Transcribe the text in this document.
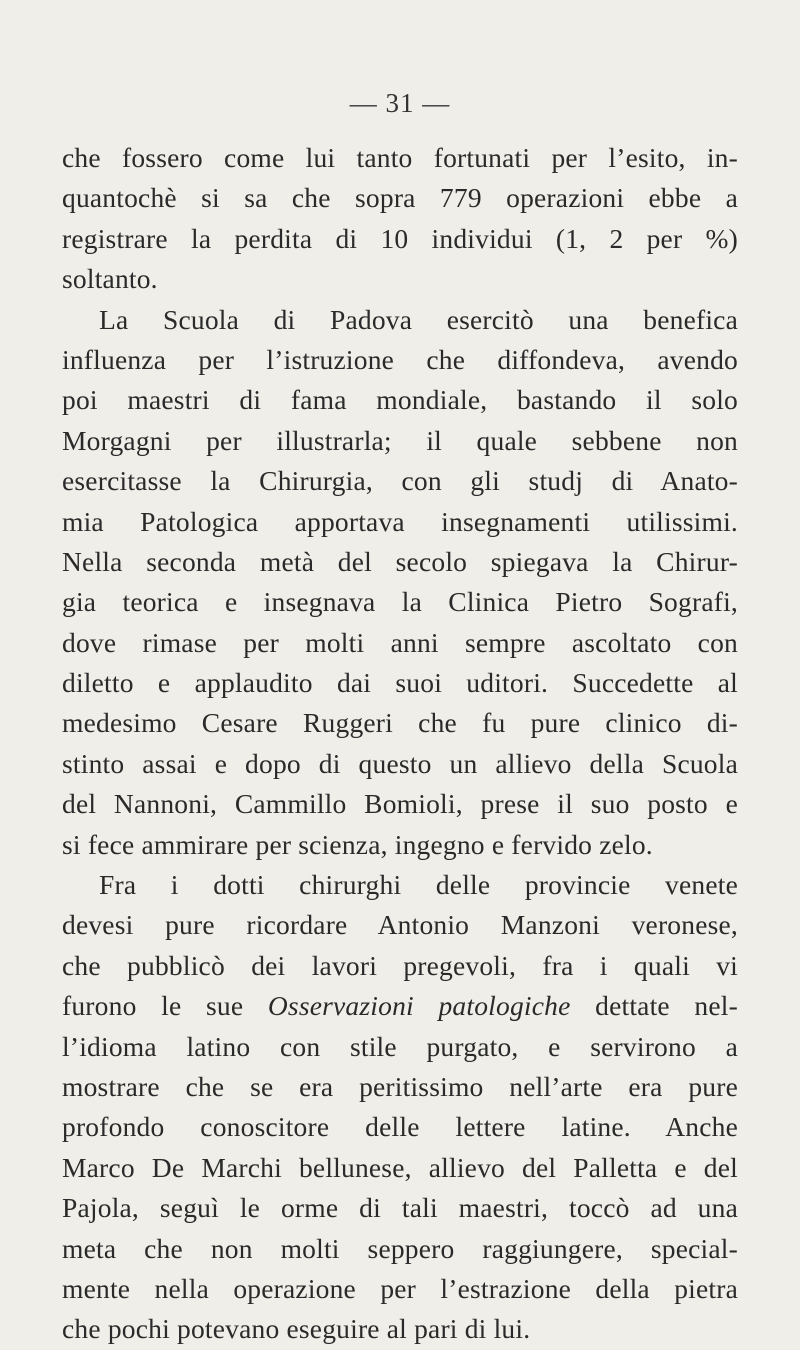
— 31 —
che fossero come lui tanto fortunati per l’esito, in-
quantochè si sa che sopra 779 operazioni ebbe a
registrare la perdita di 10 individui (1, 2 per %)
soltanto.
La Scuola di Padova esercitò una benefica
influenza per l’istruzione che diffondeva, avendo
poi maestri di fama mondiale, bastando il solo
Morgagni per illustrarla; il quale sebbene non
esercitasse la Chirurgia, con gli studj di Anato-
mia Patologica apportava insegnamenti utilissimi.
Nella seconda metà del secolo spiegava la Chirur-
gia teorica e insegnava la Clinica Pietro Sografi,
dove rimase per molti anni sempre ascoltato con
diletto e applaudito dai suoi uditori. Succedette al
medesimo Cesare Ruggeri che fu pure clinico di-
stinto assai e dopo di questo un allievo della Scuola
del Nannoni, Cammillo Bomioli, prese il suo posto e
si fece ammirare per scienza, ingegno e fervido zelo.
Fra i dotti chirurghi delle provincie venete
devesi pure ricordare Antonio Manzoni veronese,
che pubblicò dei lavori pregevoli, fra i quali vi
furono le sue Osservazioni patologiche dettate nel-
l’idioma latino con stile purgato, e servirono a
mostrare che se era peritissimo nell’arte era pure
profondo conoscitore delle lettere latine. Anche
Marco De Marchi bellunese, allievo del Palletta e del
Pajola, seguì le orme di tali maestri, toccò ad una
meta che non molti seppero raggiungere, special-
mente nella operazione per l’estrazione della pietra
che pochi potevano eseguire al pari di lui.
